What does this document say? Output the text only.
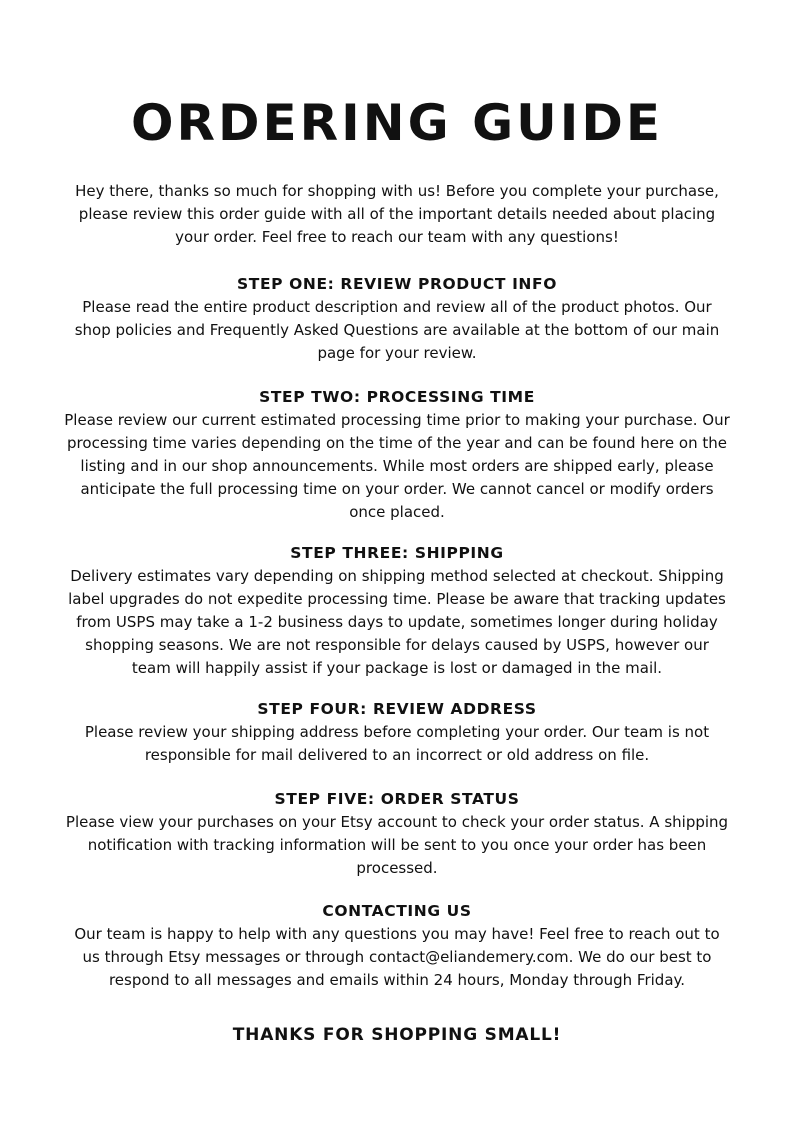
ORDERING GUIDE

Hey there, thanks so much for shopping with us! Before you complete your purchase, please review this order guide with all of the important details needed about placing your order. Feel free to reach our team with any questions!

STEP ONE: REVIEW PRODUCT INFO

Please read the entire product description and review all of the product photos. Our shop policies and Frequently Asked Questions are available at the bottom of our main page for your review.

STEP TWO: PROCESSING TIME

Please review our current estimated processing time prior to making your purchase. Our processing time varies depending on the time of the year and can be found here on the listing and in our shop announcements. While most orders are shipped early, please anticipate the full processing time on your order. We cannot cancel or modify orders once placed.

STEP THREE: SHIPPING

Delivery estimates vary depending on shipping method selected at checkout. Shipping label upgrades do not expedite processing time. Please be aware that tracking updates from USPS may take a 1-2 business days to update, sometimes longer during holiday shopping seasons. We are not responsible for delays caused by USPS, however our team will happily assist if your package is lost or damaged in the mail.

STEP FOUR: REVIEW ADDRESS

Please review your shipping address before completing your order. Our team is not responsible for mail delivered to an incorrect or old address on file.

STEP FIVE: ORDER STATUS

Please view your purchases on your Etsy account to check your order status. A shipping notification with tracking information will be sent to you once your order has been processed.

CONTACTING US

Our team is happy to help with any questions you may have! Feel free to reach out to us through Etsy messages or through contact@eliandemery.com. We do our best to respond to all messages and emails within 24 hours, Monday through Friday.

THANKS FOR SHOPPING SMALL!
